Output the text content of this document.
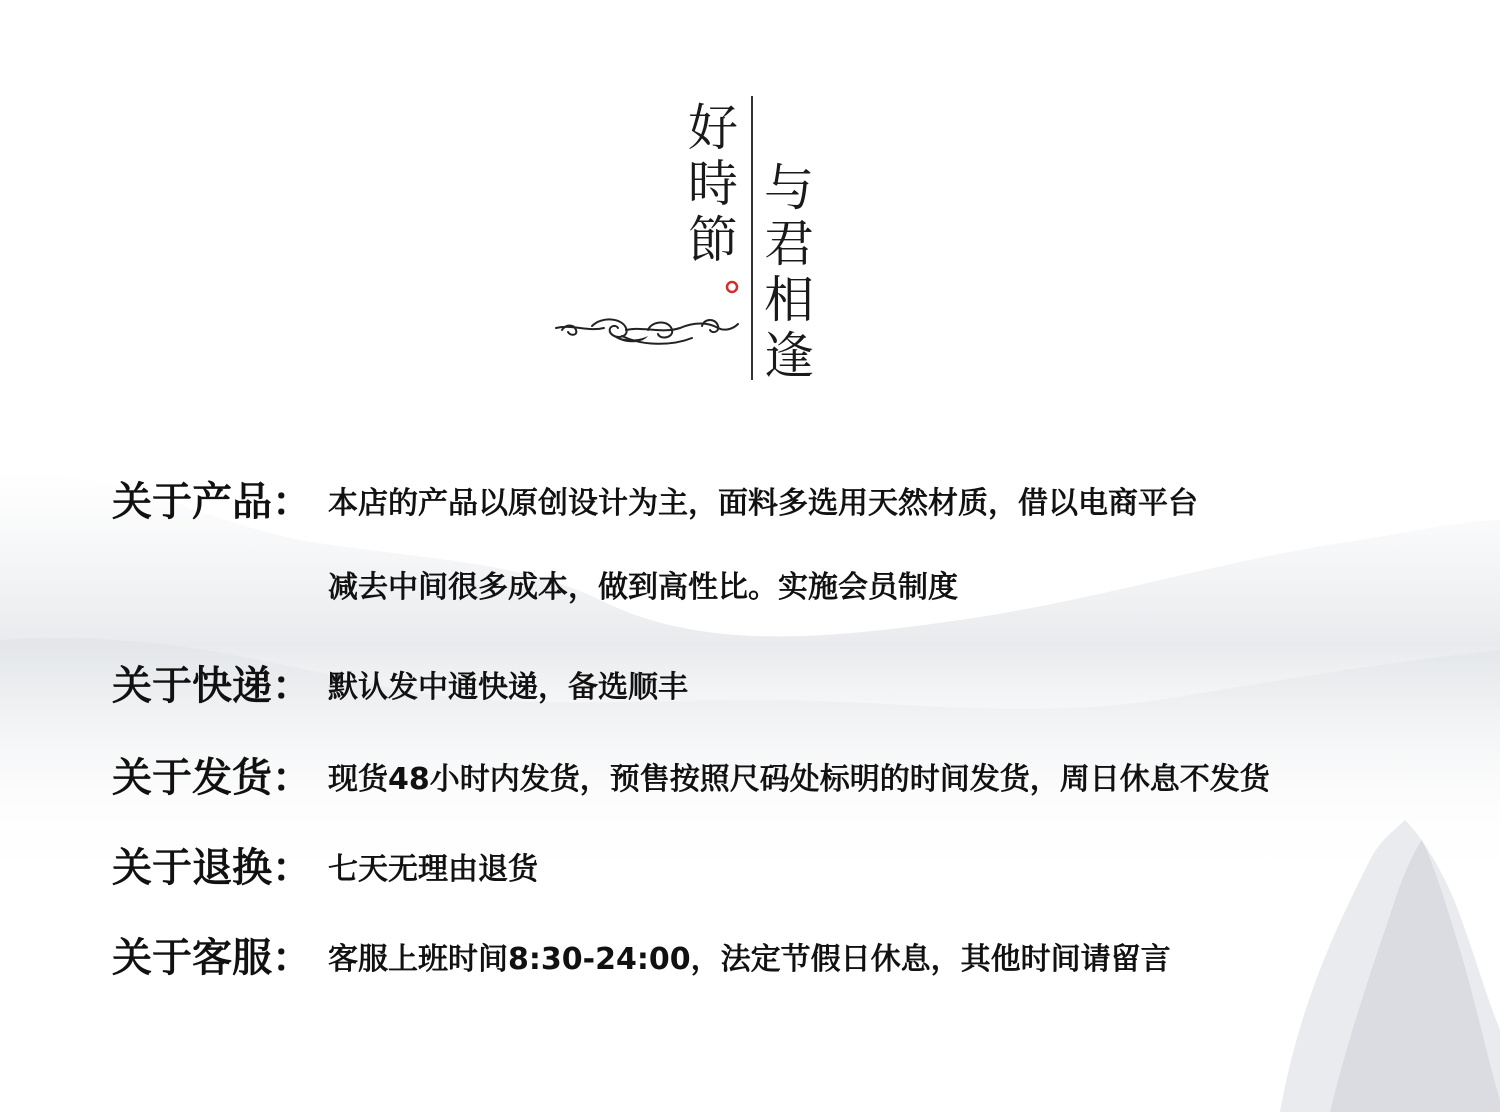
好
時
節
与
君
相
逢
关于产品： 本店的产品以原创设计为主，面料多选用天然材质，借以电商平台
减去中间很多成本，做到高性比。实施会员制度
关于快递： 默认发中通快递，备选顺丰
关于发货： 现货48小时内发货，预售按照尺码处标明的时间发货，周日休息不发货
关于退换： 七天无理由退货
关于客服： 客服上班时间8:30-24:00，法定节假日休息，其他时间请留言
